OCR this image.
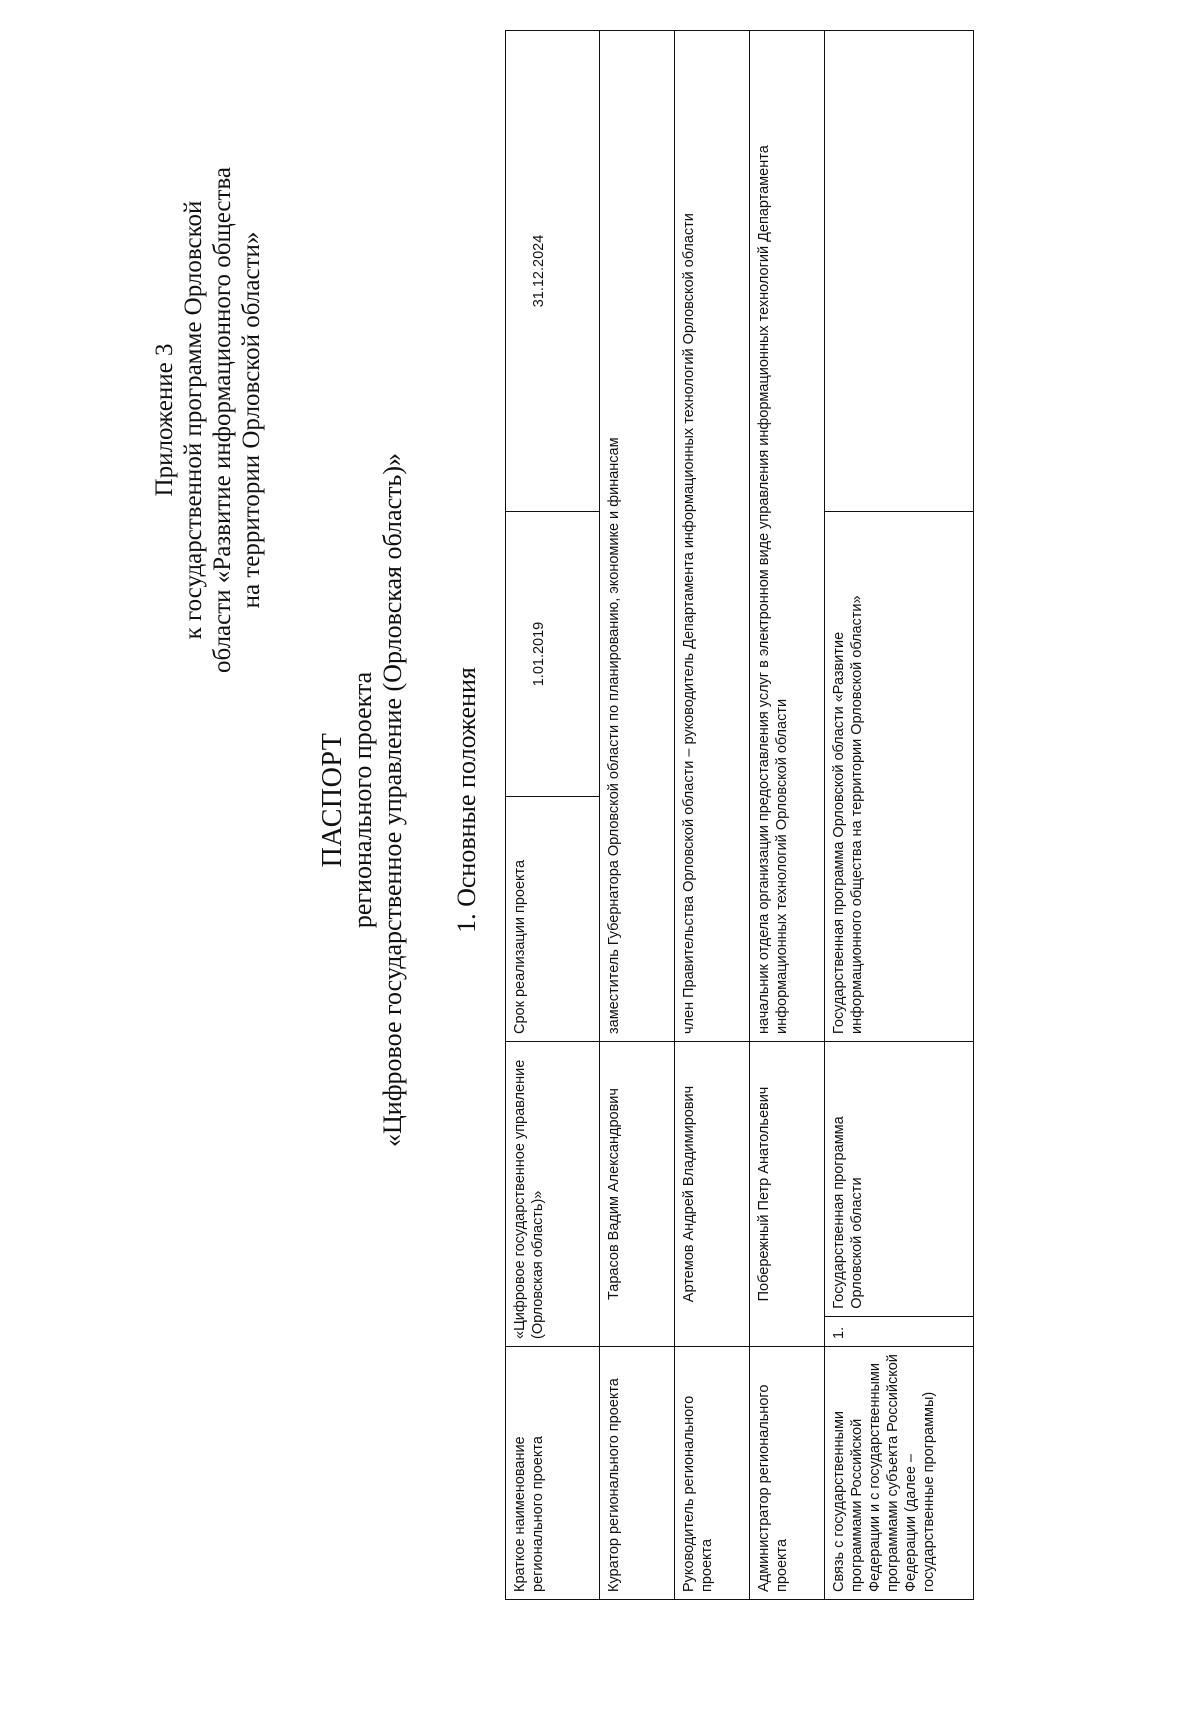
Приложение 3 к государственной программе Орловской области «Развитие информационного общества на территории Орловской области»
ПАСПОРТ регионального проекта «Цифровое государственное управление (Орловская область)» 1. Основные положения
Краткое наименование регионального проекта	«Цифровое государственное управление (Орловская область)»		Срок реализации проекта	1.01.2019	31.12.2024
Куратор регионального проекта	Тарасов Вадим Александрович		заместитель Губернатора Орловской области по планированию, экономике и финансам		
Руководитель регионального проекта	Артемов Андрей Владимирович		член Правительства Орловской области – руководитель Департамента информационных технологий Орловской области		
Администратор регионального проекта	Побережный Петр Анатольевич		начальник отдела организации предоставления услуг в электронном виде управления информационных технологий Департамента информационных технологий Орловской области		
Связь с государственными программами Российской Федерации и с государственными программами субъекта Российской Федерации (далее – государственные программы)	1.	Государственная программа Орловской области	Государственная программа Орловской области «Развитие информационного общества на территории Орловской области»		
